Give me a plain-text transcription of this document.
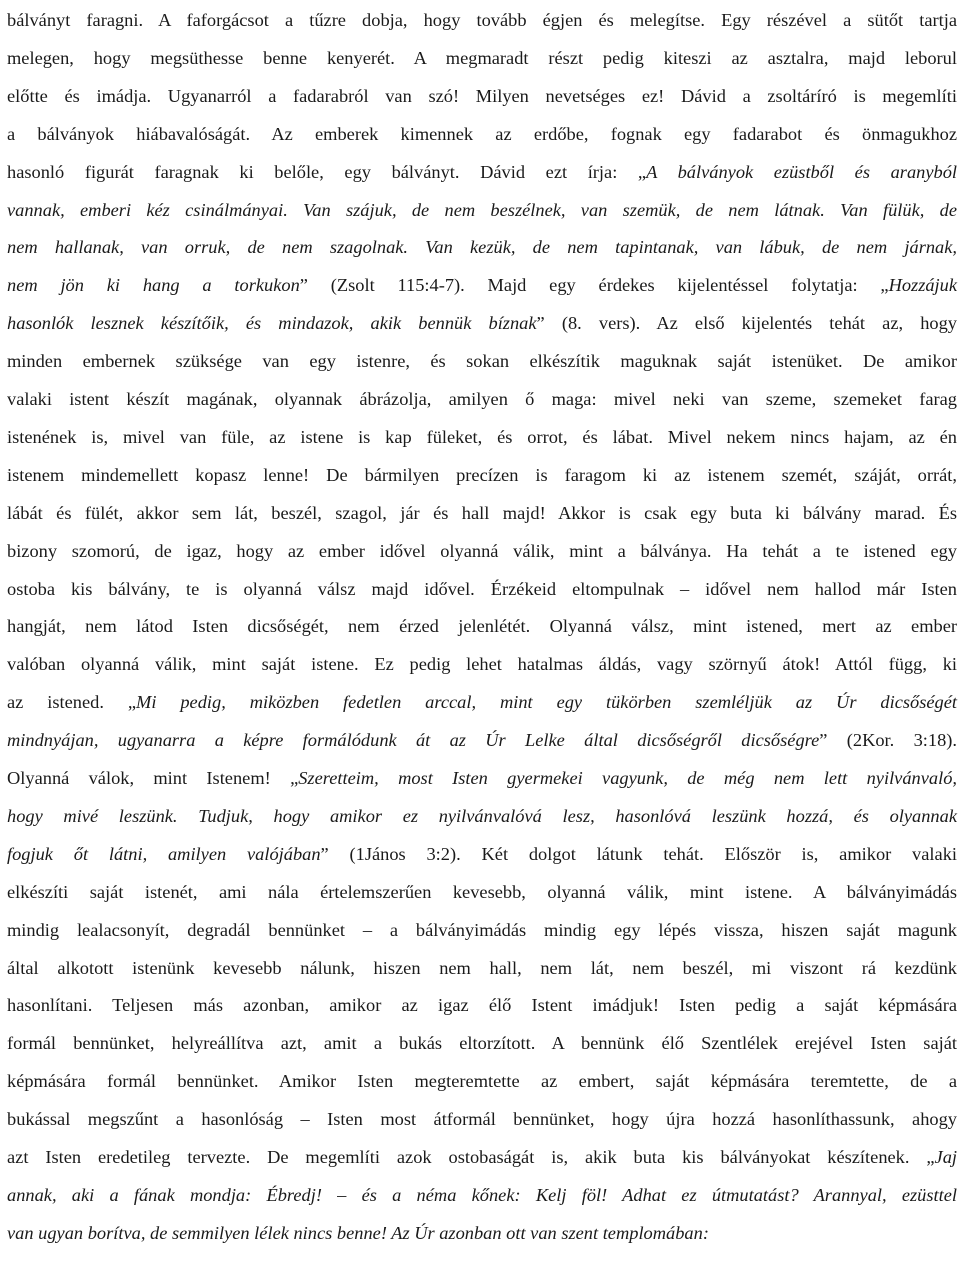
bálványt faragni. A faforgácsot a tűzre dobja, hogy tovább égjen és melegítse. Egy részével a sütőt tartja
melegen, hogy megsüthesse benne kenyerét. A megmaradt részt pedig kiteszi az asztalra, majd leborul
előtte és imádja. Ugyanarról a fadarabról van szó! Milyen nevetséges ez! Dávid a zsoltáríró is megemlíti
a bálványok hiábavalóságát. Az emberek kimennek az erdőbe, fognak egy fadarabot és önmagukhoz
hasonló figurát faragnak ki belőle, egy bálványt. Dávid ezt írja: „A bálványok ezüstből és aranyból
vannak, emberi kéz csinálmányai. Van szájuk, de nem beszélnek, van szemük, de nem látnak. Van fülük, de
nem hallanak, van orruk, de nem szagolnak. Van kezük, de nem tapintanak, van lábuk, de nem járnak,
nem jön ki hang a torkukon” (Zsolt 115:4-7). Majd egy érdekes kijelentéssel folytatja: „Hozzájuk
hasonlók lesznek készítőik, és mindazok, akik bennük bíznak” (8. vers). Az első kijelentés tehát az, hogy
minden embernek szüksége van egy istenre, és sokan elkészítik maguknak saját istenüket. De amikor
valaki istent készít magának, olyannak ábrázolja, amilyen ő maga: mivel neki van szeme, szemeket farag
istenének is, mivel van füle, az istene is kap füleket, és orrot, és lábat. Mivel nekem nincs hajam, az én
istenem mindemellett kopasz lenne! De bármilyen precízen is faragom ki az istenem szemét, száját, orrát,
lábát és fülét, akkor sem lát, beszél, szagol, jár és hall majd! Akkor is csak egy buta ki bálvány marad. És
bizony szomorú, de igaz, hogy az ember idővel olyanná válik, mint a bálványa. Ha tehát a te istened egy
ostoba kis bálvány, te is olyanná válsz majd idővel. Érzékeid eltompulnak – idővel nem hallod már Isten
hangját, nem látod Isten dicsőségét, nem érzed jelenlétét. Olyanná válsz, mint istened, mert az ember
valóban olyanná válik, mint saját istene. Ez pedig lehet hatalmas áldás, vagy szörnyű átok! Attól függ, ki
az istened. „Mi pedig, miközben fedetlen arccal, mint egy tükörben szemléljük az Úr dicsőségét
mindnyájan, ugyanarra a képre formálódunk át az Úr Lelke által dicsőségről dicsőségre” (2Kor. 3:18).
Olyanná válok, mint Istenem! „Szeretteim, most Isten gyermekei vagyunk, de még nem lett nyilvánvaló,
hogy mivé leszünk. Tudjuk, hogy amikor ez nyilvánvalóvá lesz, hasonlóvá leszünk hozzá, és olyannak
fogjuk őt látni, amilyen valójában” (1János 3:2). Két dolgot látunk tehát. Először is, amikor valaki
elkészíti saját istenét, ami nála értelemszerűen kevesebb, olyanná válik, mint istene. A bálványimádás
mindig lealacsonyít, degradál bennünket – a bálványimádás mindig egy lépés vissza, hiszen saját magunk
által alkotott istenünk kevesebb nálunk, hiszen nem hall, nem lát, nem beszél, mi viszont rá kezdünk
hasonlítani. Teljesen más azonban, amikor az igaz élő Istent imádjuk! Isten pedig a saját képmására
formál bennünket, helyreállítva azt, amit a bukás eltorzított. A bennünk élő Szentlélek erejével Isten saját
képmására formál bennünket. Amikor Isten megteremtette az embert, saját képmására teremtette, de a
bukással megszűnt a hasonlóság – Isten most átformál bennünket, hogy újra hozzá hasonlíthassunk, ahogy
azt Isten eredetileg tervezte. De megemlíti azok ostobaságát is, akik buta kis bálványokat készítenek. „Jaj
annak, aki a fának mondja: Ébredj! – és a néma kőnek: Kelj föl! Adhat ez útmutatást? Arannyal, ezüsttel
van ugyan borítva, de semmilyen lélek nincs benne! Az Úr azonban ott van szent templomában:
